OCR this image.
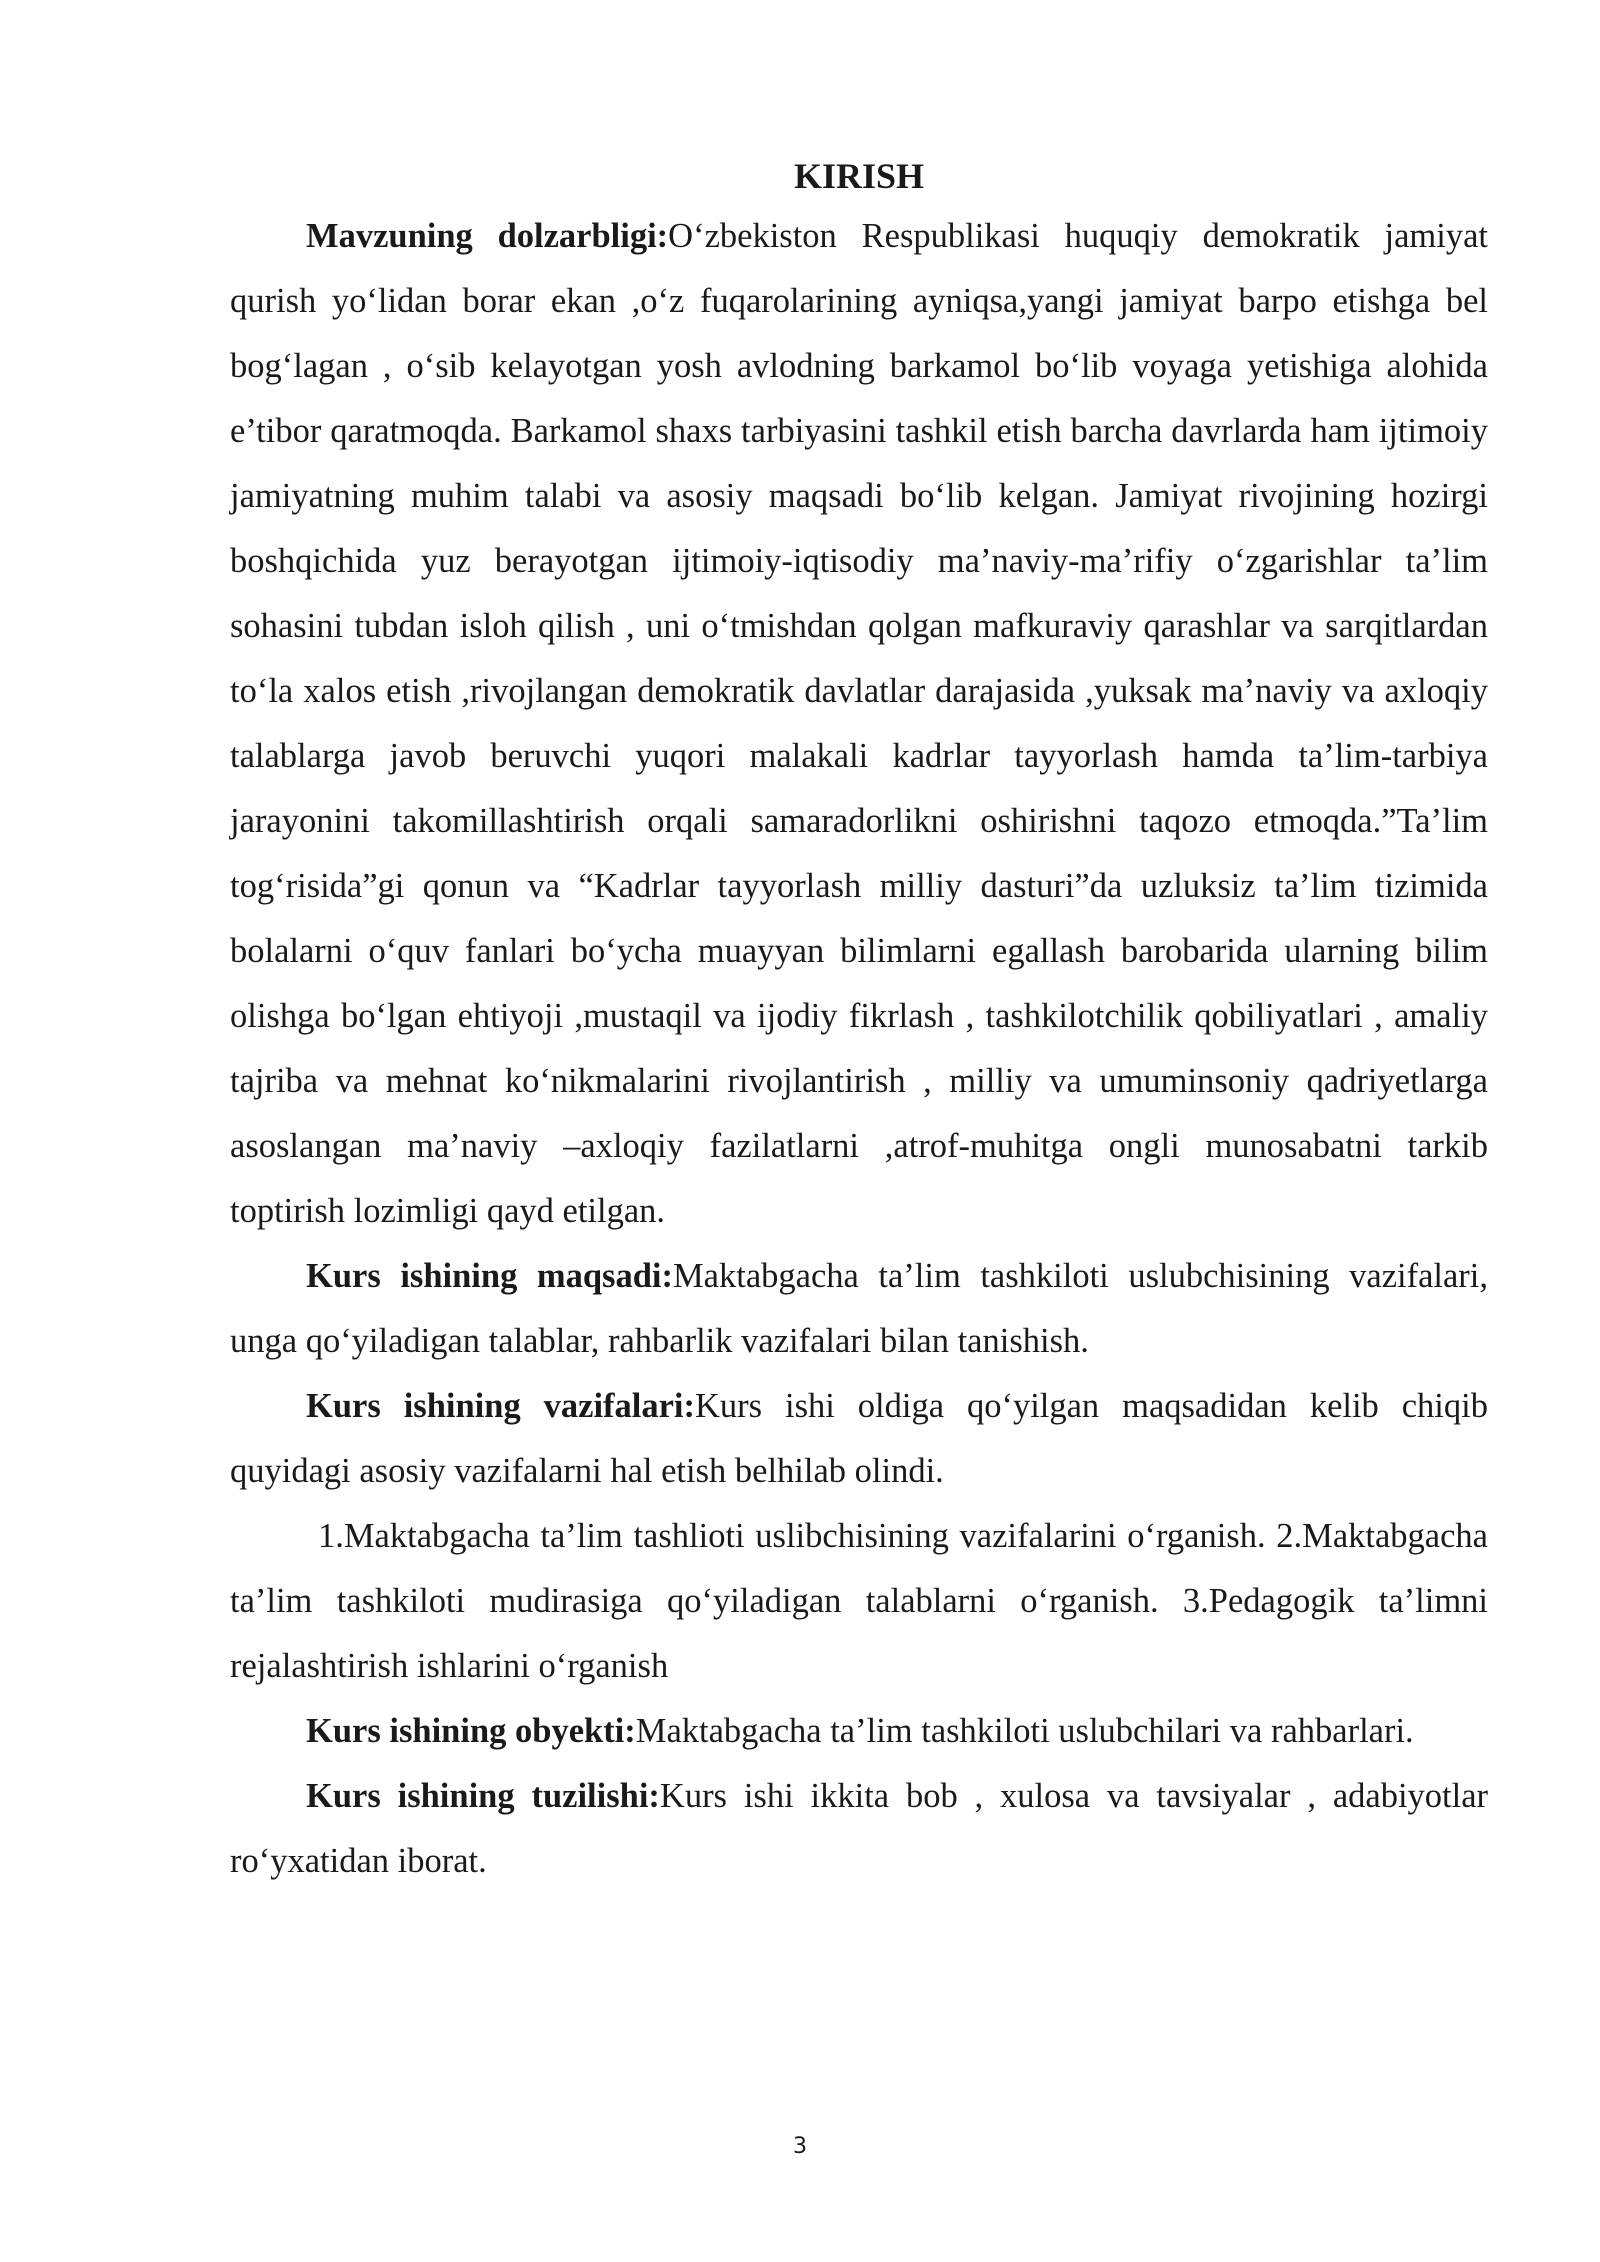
KIRISH

Mavzuning dolzarbligi:O‘zbekiston Respublikasi huquqiy demokratik jamiyat qurish yo‘lidan borar ekan ,o‘z fuqarolarining ayniqsa,yangi jamiyat barpo etishga bel bog‘lagan , o‘sib kelayotgan yosh avlodning barkamol bo‘lib voyaga yetishiga alohida e’tibor qaratmoqda. Barkamol shaxs tarbiyasini tashkil etish barcha davrlarda ham ijtimoiy jamiyatning muhim talabi va asosiy maqsadi bo‘lib kelgan. Jamiyat rivojining hozirgi boshqichida yuz berayotgan ijtimoiy-iqtisodiy ma’naviy-ma’rifiy o‘zgarishlar ta’lim sohasini tubdan isloh qilish , uni o‘tmishdan qolgan mafkuraviy qarashlar va sarqitlardan to‘la xalos etish ,rivojlangan demokratik davlatlar darajasida ,yuksak ma’naviy va axloqiy talablarga javob beruvchi yuqori malakali kadrlar tayyorlash hamda ta’lim-tarbiya jarayonini takomillashtirish orqali samaradorlikni oshirishni taqozo etmoqda.”Ta’lim tog‘risida”gi qonun va “Kadrlar tayyorlash milliy dasturi”da uzluksiz ta’lim tizimida bolalarni o‘quv fanlari bo‘ycha muayyan bilimlarni egallash barobarida ularning bilim olishga bo‘lgan ehtiyoji ,mustaqil va ijodiy fikrlash , tashkilotchilik qobiliyatlari , amaliy tajriba va mehnat ko‘nikmalarini rivojlantirish , milliy va umuminsoniy qadriyetlarga asoslangan ma’naviy –axloqiy fazilatlarni ,atrof-muhitga ongli munosabatni tarkib toptirish lozimligi qayd etilgan.

Kurs ishining maqsadi:Maktabgacha ta’lim tashkiloti uslubchisining vazifalari, unga qo‘yiladigan talablar, rahbarlik vazifalari bilan tanishish.

Kurs ishining vazifalari:Kurs ishi oldiga qo‘yilgan maqsadidan kelib chiqib quyidagi asosiy vazifalarni hal etish belhilab olindi.

1.Maktabgacha ta’lim tashlioti uslibchisining vazifalarini o‘rganish. 2.Maktabgacha ta’lim tashkiloti mudirasiga qo‘yiladigan talablarni o‘rganish. 3.Pedagogik ta’limni rejalashtirish ishlarini o‘rganish

Kurs ishining obyekti:Maktabgacha ta’lim tashkiloti uslubchilari va rahbarlari.

Kurs ishining tuzilishi:Kurs ishi ikkita bob , xulosa va tavsiyalar , adabiyotlar ro‘yxatidan iborat.

3
